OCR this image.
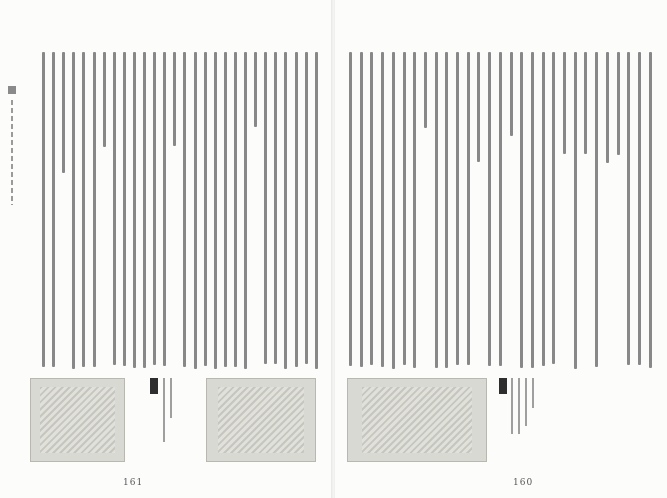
161	160
